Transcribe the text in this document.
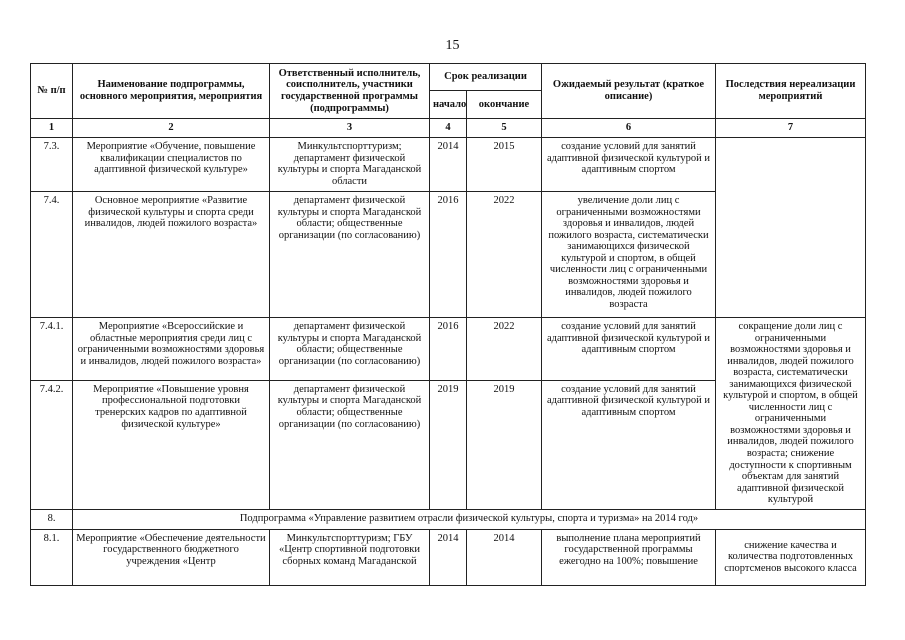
15
№ п/п	Наименование подпрограммы, основного мероприятия, мероприятия	Ответственный исполнитель, соисполнитель, участники государственной программы (подпрограммы)	Срок реализации		Ожидаемый результат (краткое описание)	Последствия нереализации мероприятий
			начало	окончание		
1	2	3	4	5	6	7
7.3.	Мероприятие «Обучение, повышение квалификации специалистов по адаптивной физической культуре»	Минкультспорттуризм; департамент физической культуры и спорта Магаданской области	2014	2015	создание условий для занятий адаптивной физической культурой и адаптивным спортом	
7.4.	Основное мероприятие «Развитие физической культуры и спорта среди инвалидов, людей пожилого возраста»	департамент физической культуры и спорта Магаданской области; общественные организации (по согласованию)	2016	2022	увеличение доли лиц с ограниченными возможностями здоровья и инвалидов, людей пожилого возраста, систематически занимающихся физической культурой и спортом, в общей численности лиц с ограниченными возможностями здоровья и инвалидов, людей пожилого возраста	
7.4.1.	Мероприятие «Всероссийские и областные мероприятия среди лиц с ограниченными возможностями здоровья и инвалидов, людей пожилого возраста»	департамент физической культуры и спорта Магаданской области; общественные организации (по согласованию)	2016	2022	создание условий для занятий адаптивной физической культурой и адаптивным спортом	сокращение доли лиц с ограниченными возможностями здоровья и инвалидов, людей пожилого возраста, систематически занимающихся физической культурой и спортом, в общей численности лиц с ограниченными возможностями здоровья и инвалидов, людей пожилого возраста; снижение доступности к спортивным объектам для занятий адаптивной физической культурой
7.4.2.	Мероприятие «Повышение уровня профессиональной подготовки тренерских кадров по адаптивной физической культуре»	департамент физической культуры и спорта Магаданской области; общественные организации (по согласованию)	2019	2019	создание условий для занятий адаптивной физической культурой и адаптивным спортом	
8.	Подпрограмма «Управление развитием отрасли физической культуры, спорта и туризма» на 2014 год»					
8.1.	Мероприятие «Обеспечение деятельности государственного бюджетного учреждения «Центр	Минкультспорттуризм; ГБУ «Центр спортивной подготовки сборных команд Магаданской	2014	2014	выполнение плана мероприятий государственной программы ежегодно на 100%; повышение	снижение качества и количества подготовленных спортсменов высокого класса
